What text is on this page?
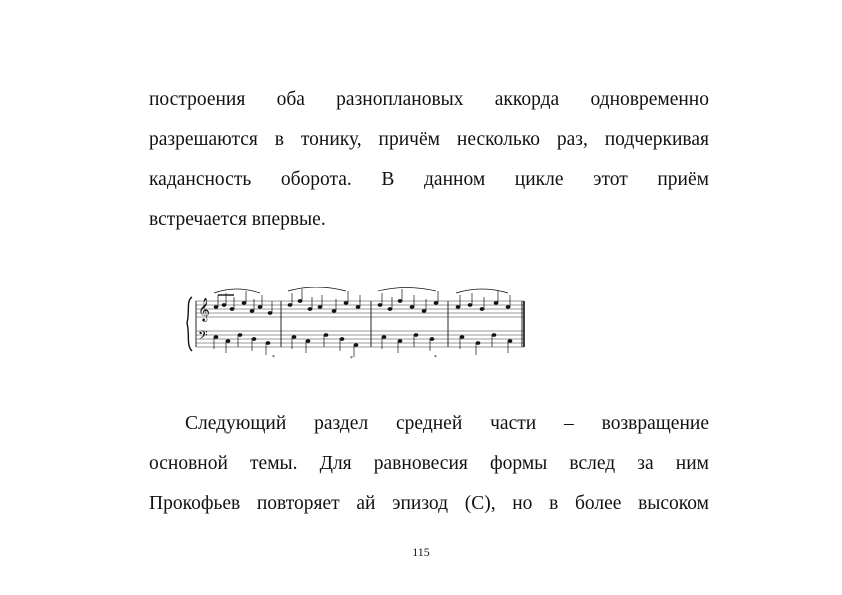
построения оба разноплановых аккорда одновременно
разрешаются в тонику, причём несколько раз, подчеркивая
кадансность оборота. В данном цикле этот приём
встречается впервые.
𝄞
𝄢
*	*	*
Следующий раздел средней части – возвращение
основной темы. Для равновесия формы вслед за ним
Прокофьев повторяет ай эпизод (С), но в более высоком
115
